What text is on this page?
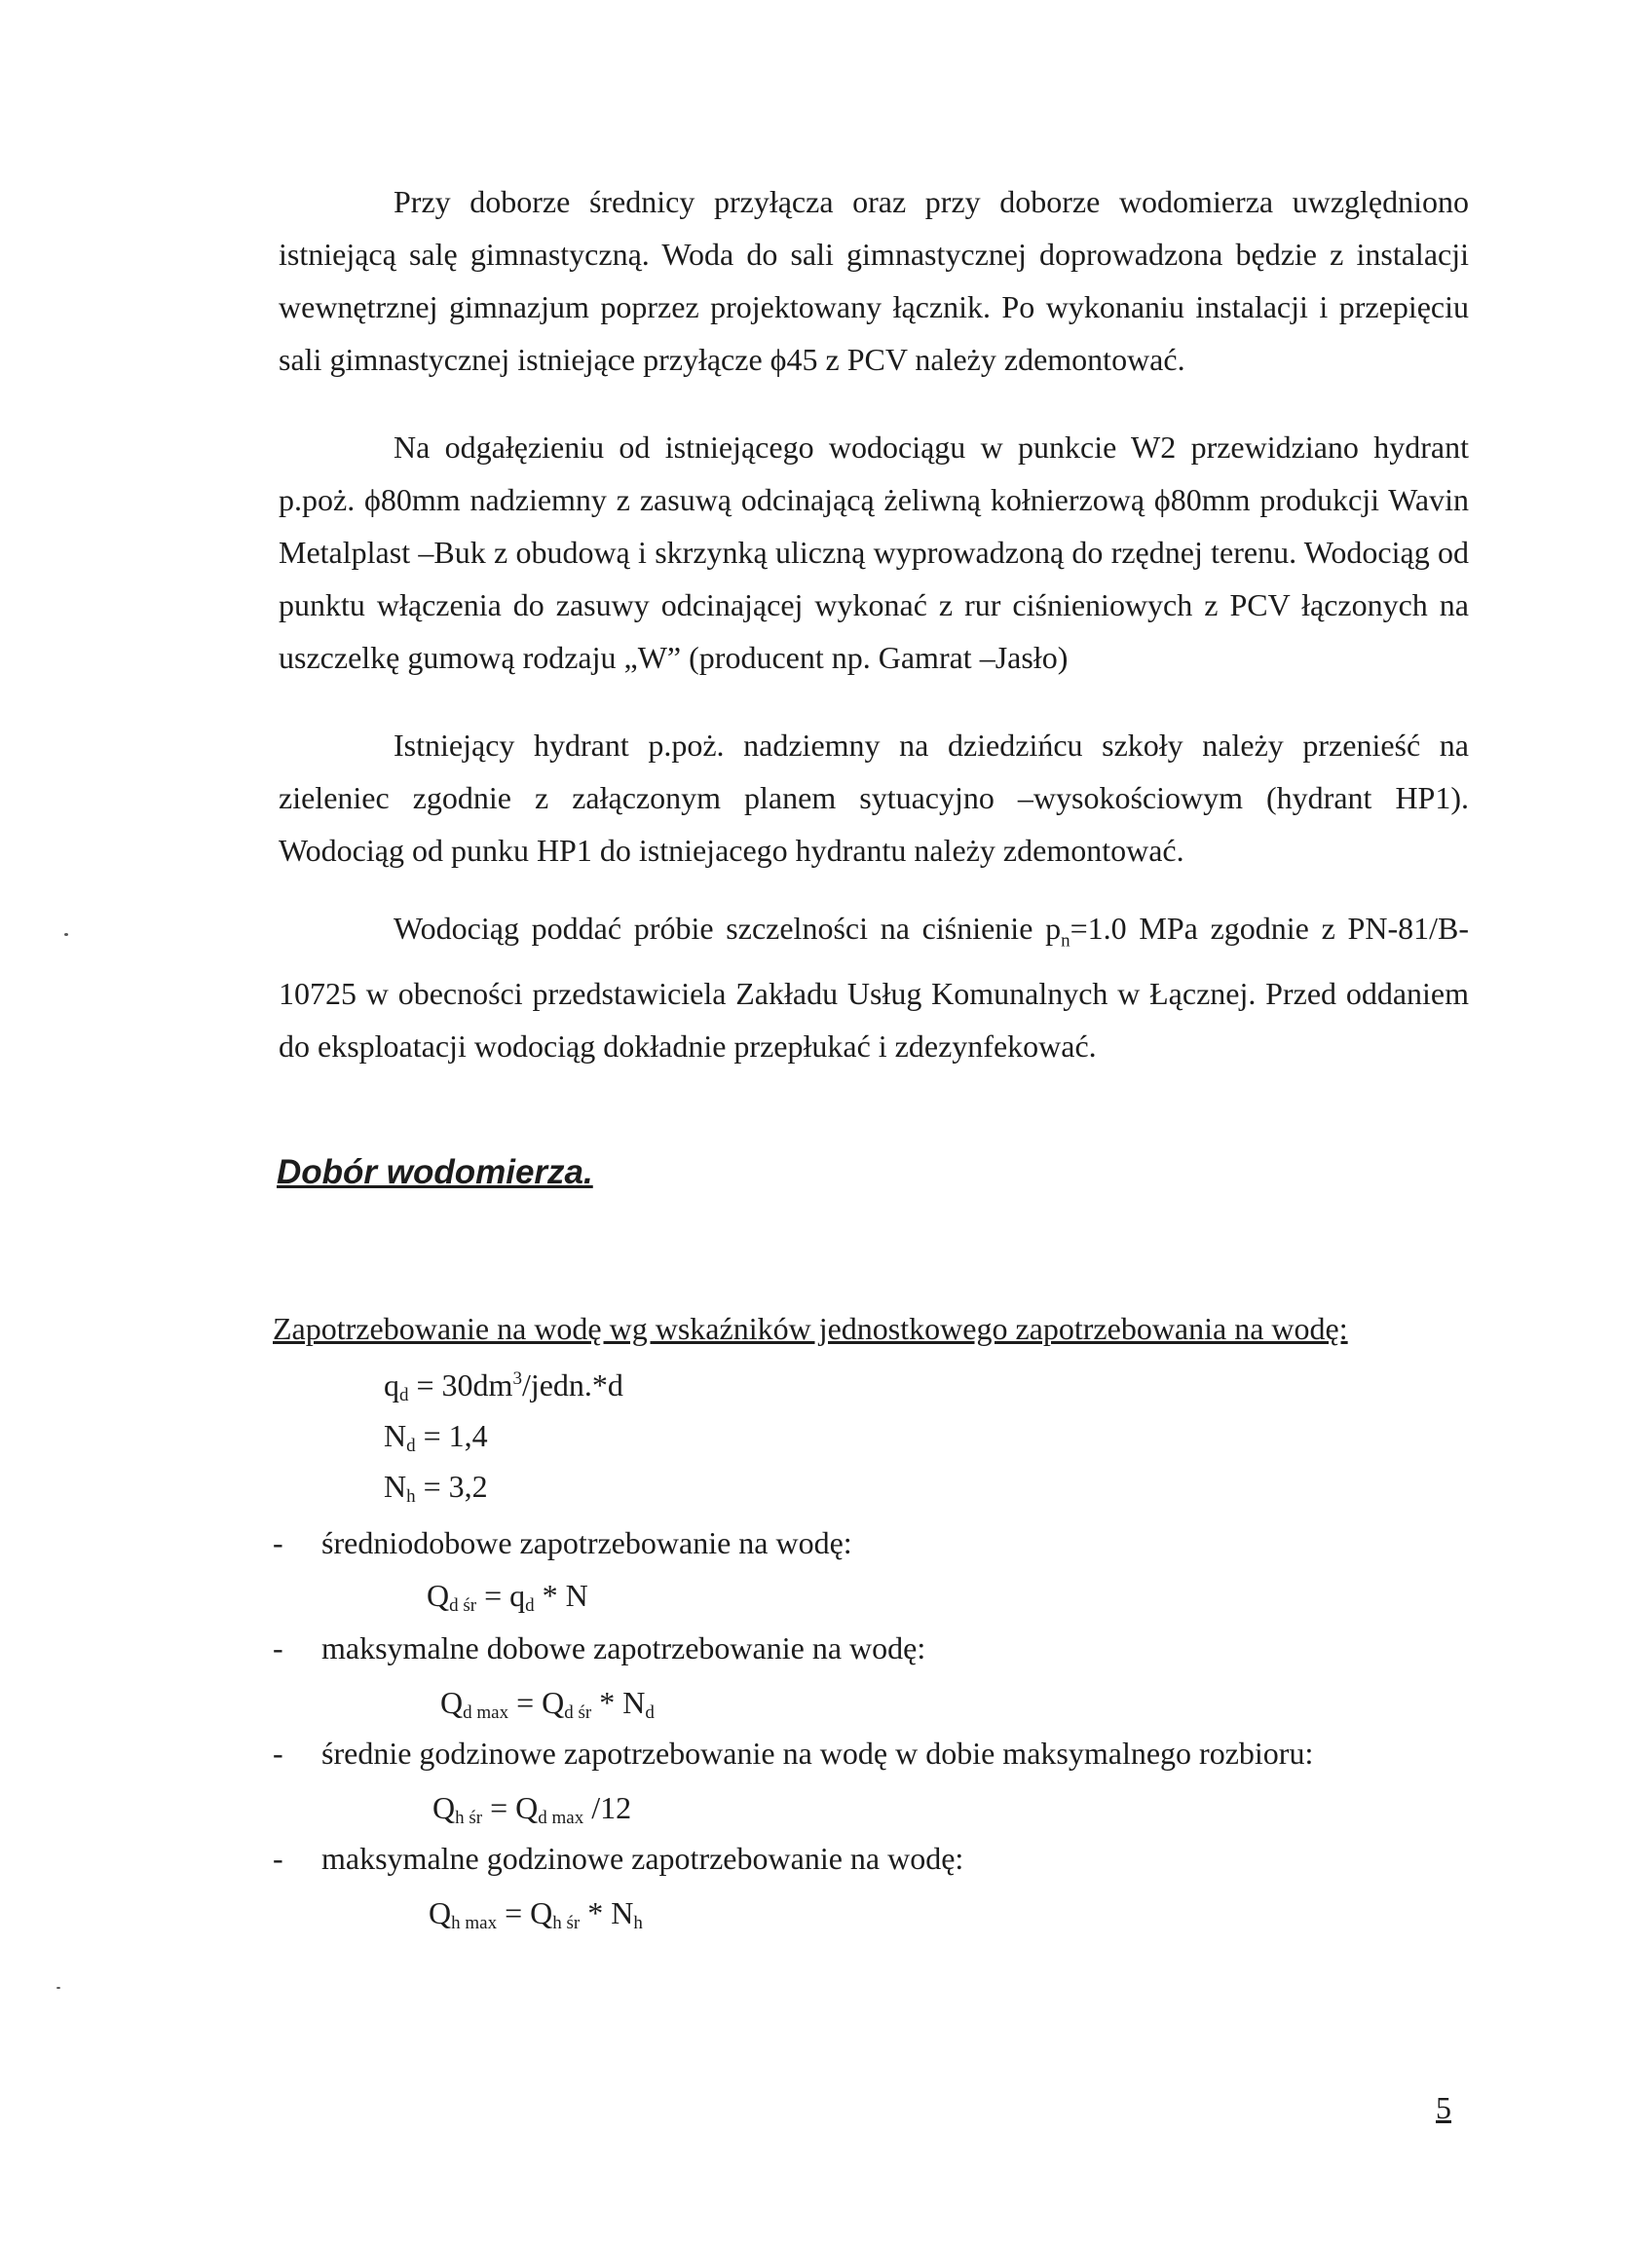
Przy doborze średnicy przyłącza oraz przy doborze wodomierza uwzględniono istniejącą salę gimnastyczną. Woda do sali gimnastycznej doprowadzona będzie z instalacji wewnętrznej gimnazjum poprzez projektowany łącznik. Po wykonaniu instalacji i przepięciu sali gimnastycznej istniejące przyłącze ϕ45 z PCV należy zdemontować.

Na odgałęzieniu od istniejącego wodociągu w punkcie W2 przewidziano hydrant p.poż. ϕ80mm nadziemny z zasuwą odcinającą żeliwną kołnierzową ϕ80mm produkcji Wavin Metalplast –Buk z obudową i skrzynką uliczną wyprowadzoną do rzędnej terenu. Wodociąg od punktu włączenia do zasuwy odcinającej wykonać z rur ciśnieniowych z PCV łączonych na uszczelkę gumową rodzaju „W” (producent np. Gamrat –Jasło)

Istniejący hydrant p.poż. nadziemny na dziedzińcu szkoły należy przenieść na zieleniec zgodnie z załączonym planem sytuacyjno –wysokościowym (hydrant HP1). Wodociąg od punku HP1 do istniejacego hydrantu należy zdemontować.

Wodociąg poddać próbie szczelności na ciśnienie $p_n=1.0$ MPa zgodnie z PN-81/B-10725 w obecności przedstawiciela Zakładu Usług Komunalnych w Łącznej. Przed oddaniem do eksploatacji wodociąg dokładnie przepłukać i zdezynfekować.

Dobór wodomierza.

Zapotrzebowanie na wodę wg wskaźników jednostkowego zapotrzebowania na wodę:

$q_d$ = $30dm^3/jedn.*d$
$N_d = 1,4$
$N_h = 3,2$
- średniodobowe zapotrzebowanie na wodę:
$Q_{d śr} = q_d * N$
- maksymalne dobowe zapotrzebowanie na wodę:
$Q_{d max} = Q_{d śr} * N_d$
- średnie godzinowe zapotrzebowanie na wodę w dobie maksymalnego rozbioru:
$Q_{h śr} = Q_{d max}$ /12
- maksymalne godzinowe zapotrzebowanie na wodę:
$Q_{h max} = Q_{h śr} * N_h$
5
